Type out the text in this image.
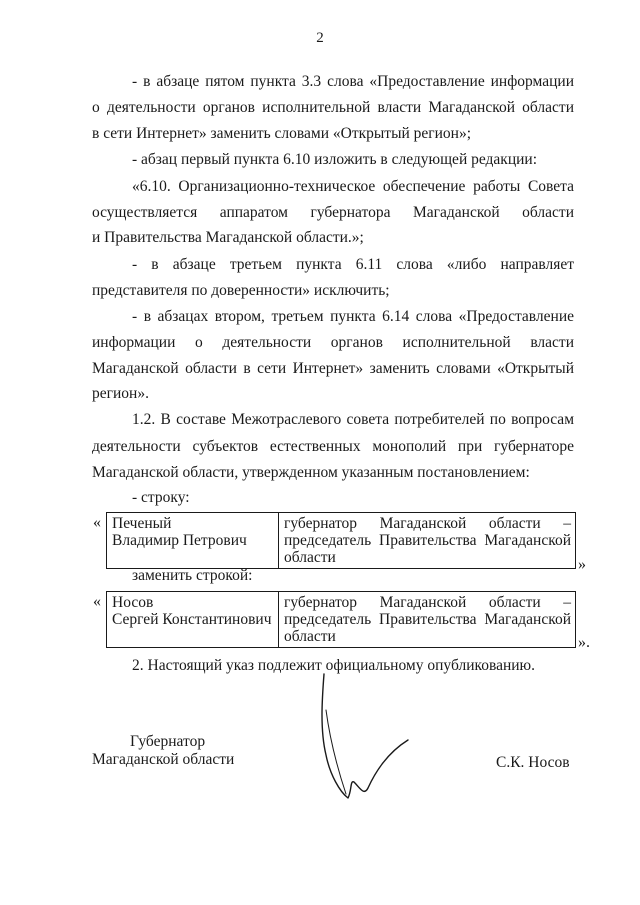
2
- в абзаце пятом пункта 3.3 слова «Предоставление информации
о деятельности органов исполнительной власти Магаданской области
в сети Интернет» заменить словами «Открытый регион»;
- абзац первый пункта 6.10 изложить в следующей редакции:
«6.10. Организационно-техническое обеспечение работы Совета
осуществляется аппаратом губернатора Магаданской области
и Правительства Магаданской области.»;
- в абзаце третьем пункта 6.11 слова «либо направляет
представителя по доверенности» исключить;
- в абзацах втором, третьем пункта 6.14 слова «Предоставление
информации о деятельности органов исполнительной власти
Магаданской области в сети Интернет» заменить словами «Открытый
регион».
1.2. В составе Межотраслевого совета потребителей по вопросам
деятельности субъектов естественных монополий при губернаторе
Магаданской области, утвержденном указанным постановлением:
- строку:
« Печеный
Владимир Петрович
	губернатор Магаданской области – председатель Правительства Магаданской области	»
заменить строкой:
« Носов
Сергей Константинович
	губернатор Магаданской области – председатель Правительства Магаданской области	».
2. Настоящий указ подлежит официальному опубликованию.
Губернатор
Магаданской области	С.К. Носов
